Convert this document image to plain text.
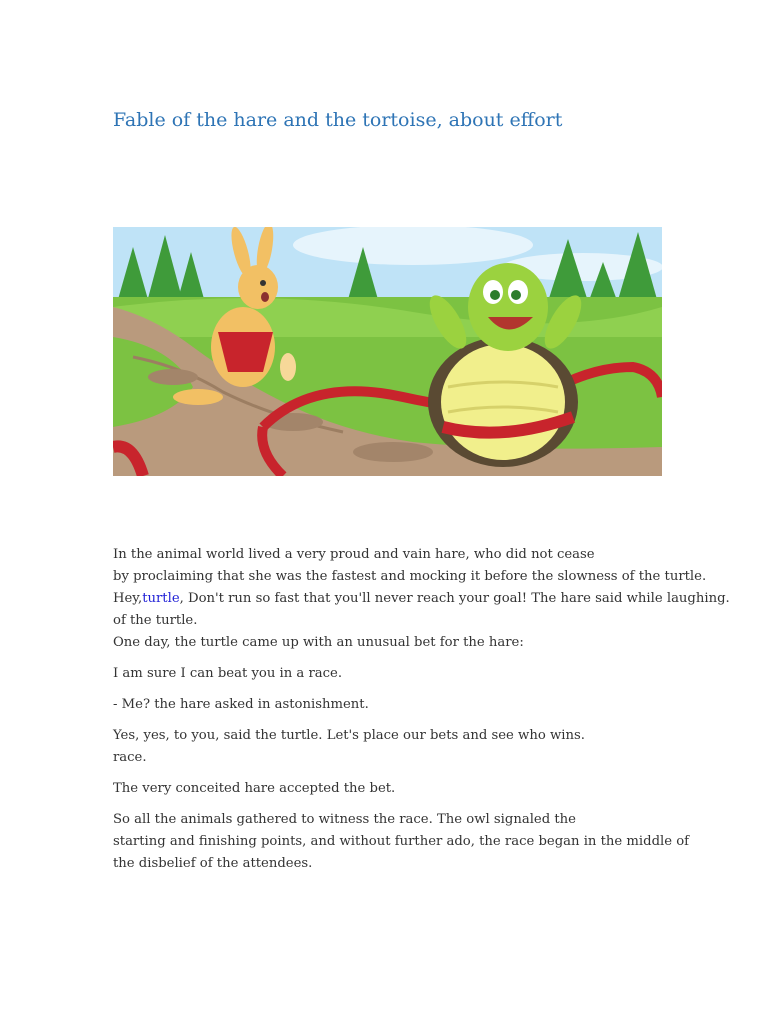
Fable of the hare and the tortoise, about effort

In the animal world lived a very proud and vain hare, who did not cease
by proclaiming that she was the fastest and mocking it before the slowness of the turtle.
Hey,turtle, Don't run so fast that you'll never reach your goal! The hare said while laughing.
of the turtle.

One day, the turtle came up with an unusual bet for the hare:

I am sure I can beat you in a race.

- Me? the hare asked in astonishment.

Yes, yes, to you, said the turtle. Let's place our bets and see who wins.
race.

The very conceited hare accepted the bet.

So all the animals gathered to witness the race. The owl signaled the
starting and finishing points, and without further ado, the race began in the middle of
the disbelief of the attendees.
